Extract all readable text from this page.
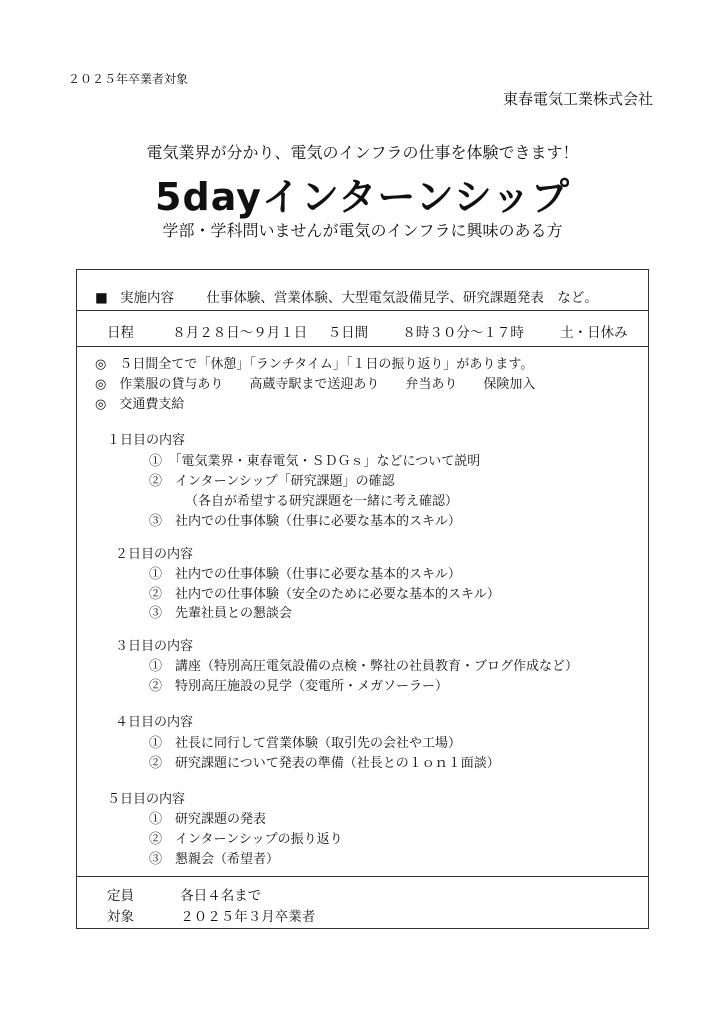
２０２５年卒業者対象
東春電気工業株式会社
電気業界が分かり、電気のインフラの仕事を体験できます！
5dayインターンシップ
学部・学科問いませんが電気のインフラに興味のある方
■ 実施内容 仕事体験、営業体験、大型電気設備見学、研究課題発表　など。
日程	８月２８日～９月１日 ５日間	８時３０分～１７時	土・日休み
◎　５日間全てで「休憩」「ランチタイム」「１日の振り返り」があります。
◎　作業服の貸与あり　　高蔵寺駅まで送迎あり　　弁当あり　　保険加入
◎　交通費支給
１日目の内容
①　「電気業界・東春電気・ＳＤＧｓ」などについて説明
②　インターンシップ「研究課題」の確認
（各自が希望する研究課題を一緒に考え確認）
③　社内での仕事体験（仕事に必要な基本的スキル）
２日目の内容
①　社内での仕事体験（仕事に必要な基本的スキル）
②　社内での仕事体験（安全のために必要な基本的スキル）
③　先輩社員との懇談会
３日目の内容
①　講座（特別高圧電気設備の点検・弊社の社員教育・ブログ作成など）
②　特別高圧施設の見学（変電所・メガソーラー）
４日目の内容
①　社長に同行して営業体験（取引先の会社や工場）
②　研究課題について発表の準備（社長との１ｏｎ１面談）
５日目の内容
①　研究課題の発表
②　インターンシップの振り返り
③　懇親会（希望者）
定員	各日４名まで
対象	２０２５年３月卒業者
